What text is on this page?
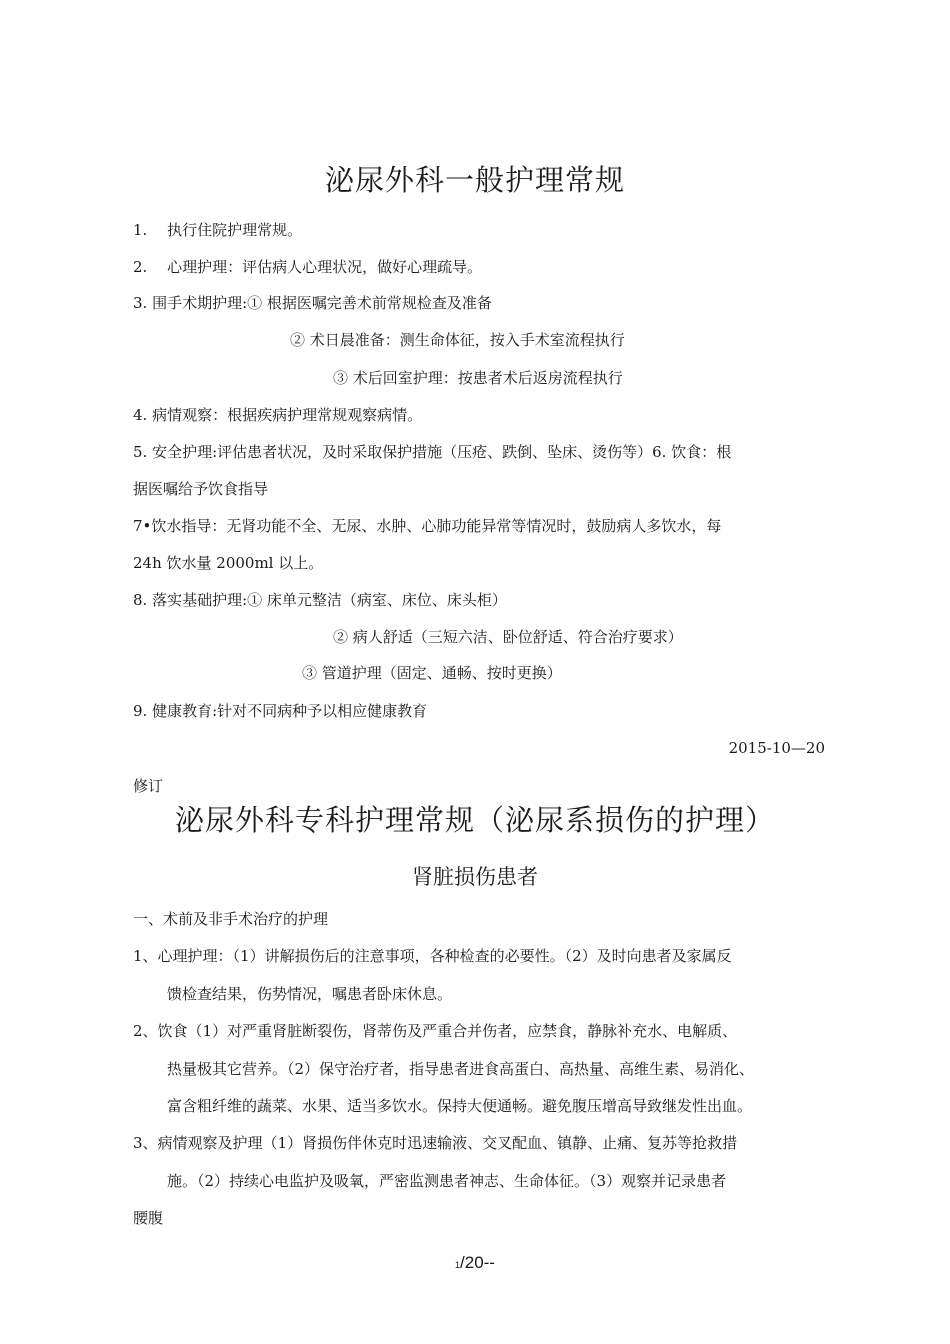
泌尿外科一般护理常规
1.　 执行住院护理常规。
2.　 心理护理：评估病人心理状况，做好心理疏导。
3. 围手术期护理:① 根据医嘱完善术前常规检查及准备
② 术日晨准备：测生命体征，按入手术室流程执行
③ 术后回室护理：按患者术后返房流程执行
4. 病情观察：根据疾病护理常规观察病情。
5. 安全护理:评估患者状况，及时采取保护措施（压疮、跌倒、坠床、烫伤等）6. 饮食：根
据医嘱给予饮食指导
7•饮水指导：无肾功能不全、无尿、水肿、心肺功能异常等情况时，鼓励病人多饮水，每
24h 饮水量 2000ml 以上。
8. 落实基础护理:① 床单元整洁（病室、床位、床头柜）
② 病人舒适（三短六洁、卧位舒适、符合治疗要求）
③ 管道护理（固定、通畅、按时更换）
9. 健康教育:针对不同病种予以相应健康教育
2015-10—20
修订
泌尿外科专科护理常规（泌尿系损伤的护理）
肾脏损伤患者
一、术前及非手术治疗的护理
1、心理护理：（1）讲解损伤后的注意事项，各种检查的必要性。（2）及时向患者及家属反
馈检查结果，伤势情况，嘱患者卧床休息。
2、饮食（1）对严重肾脏断裂伤，肾蒂伤及严重合并伤者，应禁食，静脉补充水、电解质、
热量极其它营养。（2）保守治疗者，指导患者进食高蛋白、高热量、高维生素、易消化、
富含粗纤维的蔬菜、水果、适当多饮水。保持大便通畅。避免腹压增高导致继发性出血。
3、病情观察及护理（1）肾损伤伴休克时迅速输液、交叉配血、镇静、止痛、复苏等抢救措
施。（2）持续心电监护及吸氧，严密监测患者神志、生命体征。（3）观察并记录患者
腰腹
1/20--
